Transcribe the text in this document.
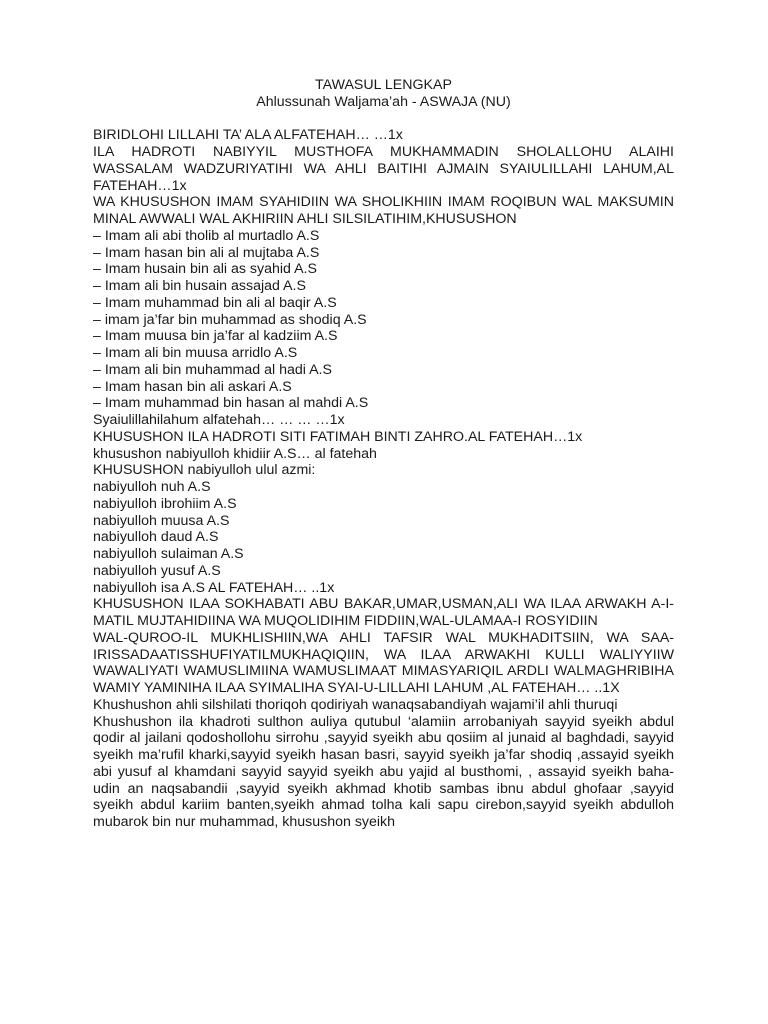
TAWASUL LENGKAP
Ahlussunah Waljama’ah - ASWAJA (NU)

BIRIDLOHI LILLAHI TA’ ALA ALFATEHAH… …1x

ILA HADROTI NABIYYIL MUSTHOFA MUKHAMMADIN SHOLALLOHU ALAIHI WASSALAM WADZURIYATIHI WA AHLI BAITIHI AJMAIN SYAIULILLAHI LAHUM,AL FATEHAH…1x

WA KHUSUSHON IMAM SYAHIDIIN WA SHOLIKHIIN IMAM ROQIBUN WAL MAKSUMIN MINAL AWWALI WAL AKHIRIIN AHLI SILSILATIHIM,KHUSUSHON

– Imam ali abi tholib al murtadlo A.S

– Imam hasan bin ali al mujtaba A.S

– Imam husain bin ali as syahid A.S

– Imam ali bin husain assajad A.S

– Imam muhammad bin ali al baqir A.S

– imam ja’far bin muhammad as shodiq A.S

– Imam muusa bin ja’far al kadziim A.S

– Imam ali bin muusa arridlo A.S

– Imam ali bin muhammad al hadi A.S

– Imam hasan bin ali askari A.S

– Imam muhammad bin hasan al mahdi A.S

Syaiulillahilahum alfatehah… … … …1x

KHUSUSHON ILA HADROTI SITI FATIMAH BINTI ZAHRO.AL FATEHAH…1x

khusushon nabiyulloh khidiir A.S… al fatehah

KHUSUSHON nabiyulloh ulul azmi:

nabiyulloh nuh A.S

nabiyulloh ibrohiim A.S

nabiyulloh muusa A.S

nabiyulloh daud A.S

nabiyulloh sulaiman A.S

nabiyulloh yusuf A.S

nabiyulloh isa A.S AL FATEHAH… ..1x

KHUSUSHON ILAA SOKHABATI ABU BAKAR,UMAR,USMAN,ALI WA ILAA ARWAKH A-I-MATIL MUJTAHIDIINA WA MUQOLIDIHIM FIDDIIN,WAL-ULAMAA-I ROSYIDIIN

WAL-QUROO-IL MUKHLISHIIN,WA AHLI TAFSIR WAL MUKHADITSIIN, WA SAA-IRISSADAATISSHUFIYATILMUKHAQIQIIN, WA ILAA ARWAKHI KULLI WALIYYIIW WAWALIYATI WAMUSLIMIINA WAMUSLIMAAT MIMASYARIQIL ARDLI WALMAGHRIBIHA WAMIY YAMINIHA ILAA SYIMALIHA SYAI-U-LILLAHI LAHUM ,AL FATEHAH… ..1X

Khushushon ahli silshilati thoriqoh qodiriyah wanaqsabandiyah wajami’il ahli thuruqi

Khushushon ila khadroti sulthon auliya qutubul ‘alamiin arrobaniyah sayyid syeikh abdul qodir al jailani qodoshollohu sirrohu ,sayyid syeikh abu qosiim al junaid al baghdadi, sayyid syeikh ma’rufil kharki,sayyid syeikh hasan basri, sayyid syeikh ja’far shodiq ,assayid syeikh abi yusuf al khamdani sayyid sayyid syeikh abu yajid al busthomi, , assayid syeikh baha-udin an naqsabandii ,sayyid syeikh akhmad khotib sambas ibnu abdul ghofaar ,sayyid syeikh abdul kariim banten,syeikh ahmad tolha kali sapu cirebon,sayyid syeikh abdulloh mubarok bin nur muhammad, khusushon syeikh
